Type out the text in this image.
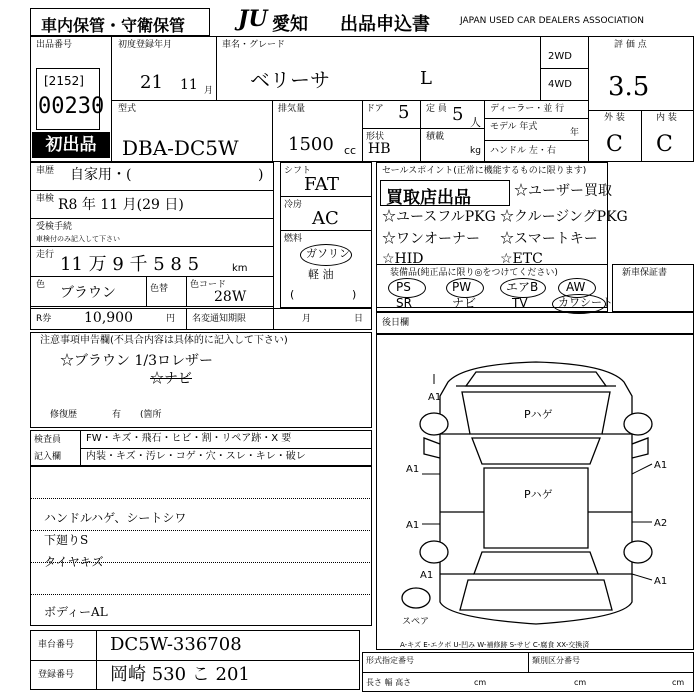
車内保管・守衛保管 JU 愛知 出品申込書	JAPAN USED CAR DEALERS ASSOCIATION
出品番号
[2152]
00230
初出品
初度登録年月
21 11 月
車名・グレード
ベリーサ	L
2WD
4WD
評 価 点
3.5
外 装	内 装
C C
型式
DBA-DC5W
排気量
1500 cc
ドア 5 定 員 5 人
形状
HB
積載
kg
ディーラー・並 行
モデル 年式
年
ハンドル 左・右
車歴 自家用・(	)
車検 R8 年 11 月(29 日)
受検手続
車検付のみ記入して下さい
走行 11 万 9 千 5 8 5	km
色 ブラウン	色替 色コード
28W
シフト
FAT
冷房
AC
燃料
ガソリン
軽 油
(	)
R券 10,900	円 名変通知期限	月	日
セールスポイント(正常に機能するものに限ります)
買取店出品	☆ユーザー買取
☆ユースフルPKG ☆クルージングPKG
☆ワンオーナー ☆スマートキー
☆HID	☆ETC
装備品(純正品に限り◎をつけてください)
PS	PW	エアB AW
SR	ナビ	TV	カワシート
新車保証書
後日欄
注意事項申告欄(不具合内容は具体的に記入して下さい)
☆ブラウン 1/3ロレザー
☆ナビ
修復歴	有 (箇所
検査員
記入欄
FW・キズ・飛石・ヒビ・割・リペア跡・X 要
内装・キズ・汚レ・コゲ・穴・スレ・キレ・破レ
ハンドルハゲ、シートシワ
下廻りS
タイヤキズ
ボディーAL
A1
A1
A1
A1
A1
A2
A1
Pハゲ
Pハゲ
スペア
A-キズ E-エクボ U-凹み W-補修跡 S-サビ C-腐食 XX-交換済
車台番号 DC5W-336708
登録番号 岡崎 530 こ 201
形式指定番号	類別区分番号
長さ 幅 高さ	cm	cm	cm
